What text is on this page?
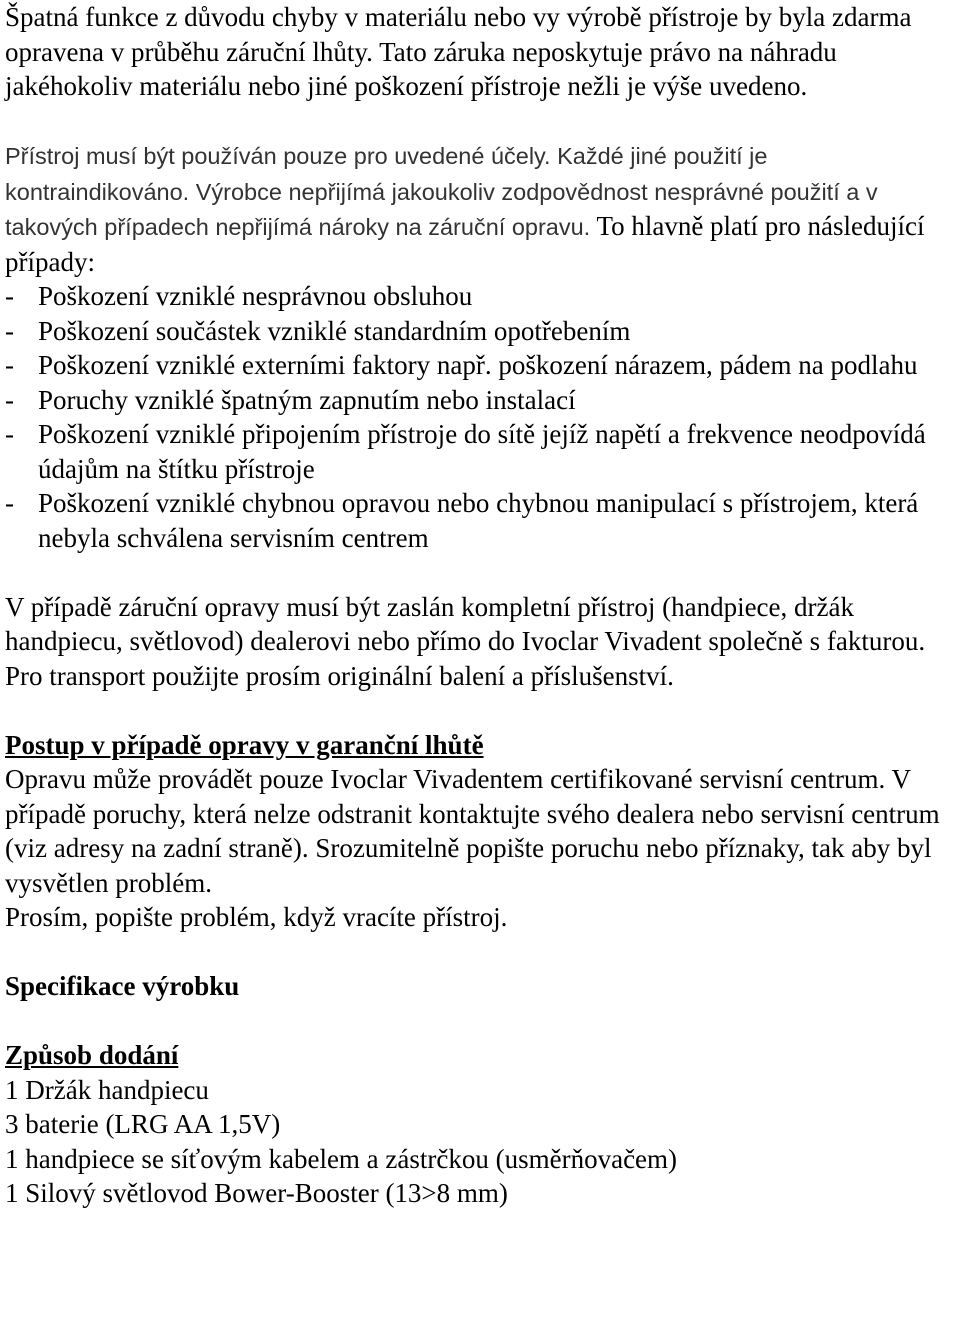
Špatná funkce z důvodu chyby v materiálu nebo vy výrobě přístroje by byla zdarma opravena v průběhu záruční lhůty. Tato záruka neposkytuje právo na náhradu jakéhokoliv materiálu nebo jiné poškození přístroje nežli je výše uvedeno.

Přístroj musí být používán pouze pro uvedené účely. Každé jiné použití je kontraindikováno. Výrobce nepřijímá jakoukoliv zodpovědnost nesprávné použití a v takových případech nepřijímá nároky na záruční opravu. To hlavně platí pro následující případy:

- Poškození vzniklé nesprávnou obsluhou
- Poškození součástek vzniklé standardním opotřebením
- Poškození vzniklé externími faktory např. poškození nárazem, pádem na podlahu
- Poruchy vzniklé špatným zapnutím nebo instalací
- Poškození vzniklé připojením přístroje do sítě jejíž napětí a frekvence neodpovídá údajům na štítku přístroje
- Poškození vzniklé chybnou opravou nebo chybnou manipulací s přístrojem, která nebyla schválena servisním centrem

V případě záruční opravy musí být zaslán kompletní přístroj (handpiece, držák handpiecu, světlovod) dealerovi nebo přímo do Ivoclar Vivadent společně s fakturou. Pro transport použijte prosím originální balení a příslušenství.

Postup v případě opravy v garanční lhůtě

Opravu může provádět pouze Ivoclar Vivadentem certifikované servisní centrum. V případě poruchy, která nelze odstranit kontaktujte svého dealera nebo servisní centrum (viz adresy na zadní straně). Srozumitelně popište poruchu nebo příznaky, tak aby byl vysvětlen problém.

Prosím, popište problém, když vracíte přístroj.

Specifikace výrobku

Způsob dodání

1 Držák handpiecu

3 baterie (LRG AA 1,5V)

1 handpiece se síťovým kabelem a zástrčkou (usměrňovačem)

1 Silový světlovod Bower-Booster (13>8 mm)
